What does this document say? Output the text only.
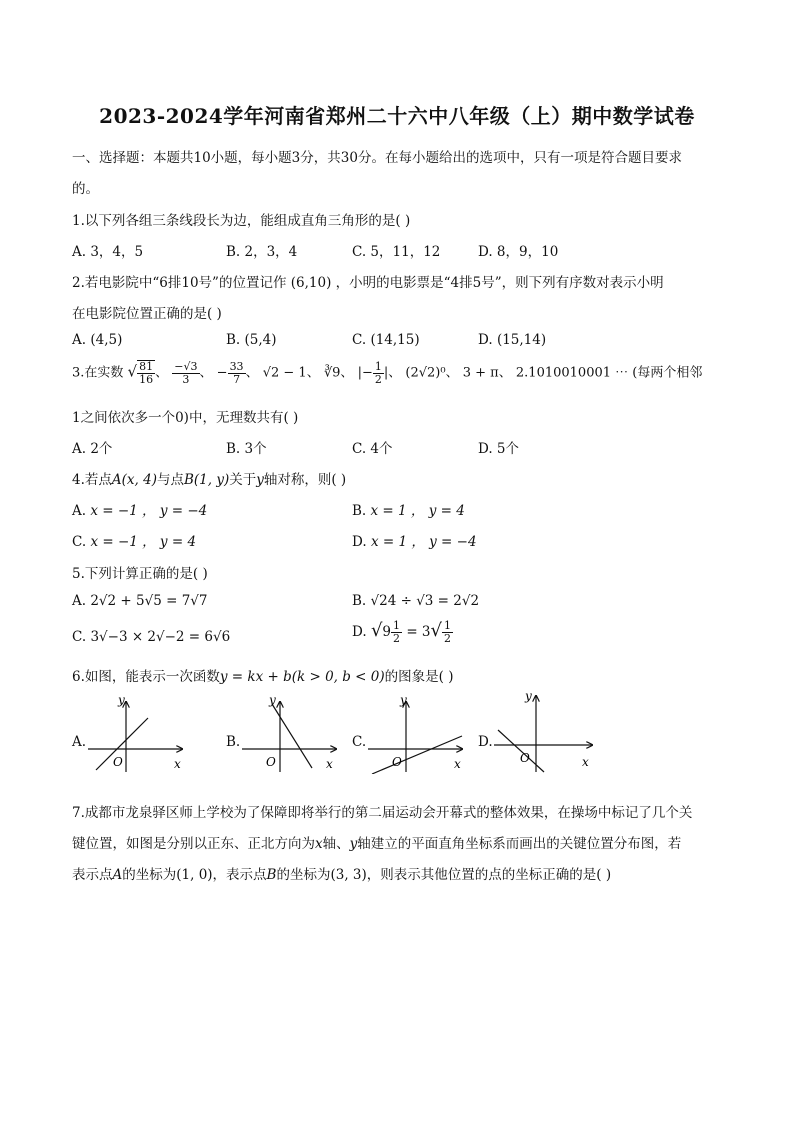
2023-2024学年河南省郑州二十六中八年级（上）期中数学试卷
一、选择题：本题共10小题，每小题3分，共30分。在每小题给出的选项中，只有一项是符合题目要求
的。
1.以下列各组三条线段长为边，能组成直角三角形的是( )
A. 3，4，5	B. 2，3，4	C. 5，11，12	D. 8，9，10
2.若电影院中“6排10号”的位置记作 (6,10) ，小明的电影票是“4排5号”，则下列有序数对表示小明
在电影院位置正确的是( )
A. (4,5)	B. (5,4)	C. (14,15)	D. (15,14)
3.在实数 √ $\frac{81}{16}$ 、 $\frac{-√3}{3}$ 、 − $\frac{33}{7}$ 、 √2 − 1、 ∛9、 |− $\frac{1}{2}$ |、 (2√2)⁰、 3 + π、 2.1010010001 ⋯ (每两个相邻
1之间依次多一个0)中，无理数共有( )
A. 2个	B. 3个	C. 4个	D. 5个
4.若点A(x, 4)与点B(1, y)关于y轴对称，则( )
A. x = −1 ， y = −4	B. x = 1 ， y = 4
C. x = −1 ， y = 4	D. x = 1 ， y = −4
5.下列计算正确的是( )
A. 2√2 + 5√5 = 7√7	B. √24 ÷ √3 = 2√2
C. 3√−3 × 2√−2 = 6√6	D. $√9 \frac{1}{2} = 3√ \frac{1}{2}$
6.如图，能表示一次函数y = kx + b(k > 0, b < 0)的图象是( )
A.	B.	C.	D.
y
x
O
y
x
O
y
x
O
y
x
O
7.成都市龙泉驿区师上学校为了保障即将举行的第二届运动会开幕式的整体效果，在操场中标记了几个关
键位置，如图是分别以正东、正北方向为x轴、y轴建立的平面直角坐标系而画出的关键位置分布图，若
表示点A的坐标为(1, 0)，表示点B的坐标为(3, 3)，则表示其他位置的点的坐标正确的是( )
